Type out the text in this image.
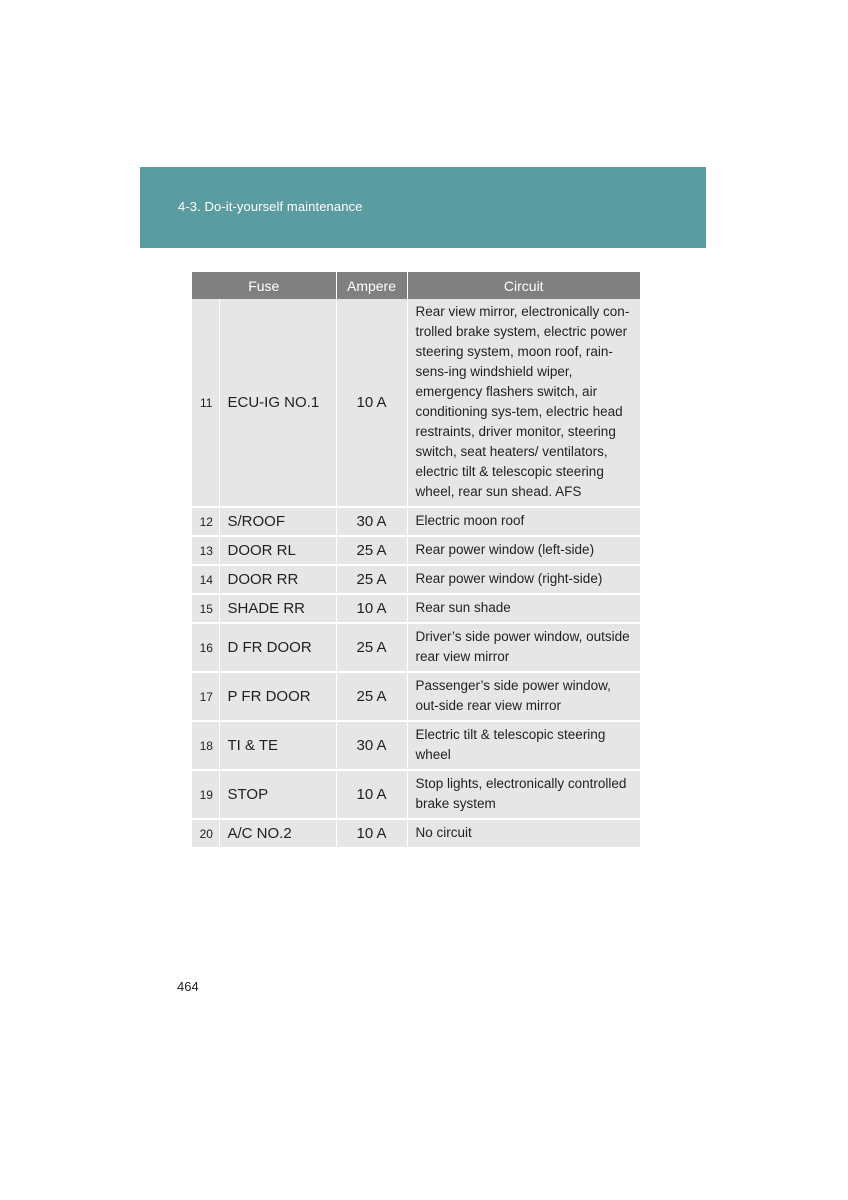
4-3. Do-it-yourself maintenance
Fuse		Ampere	Circuit
11	ECU-IG NO.1	10 A	Rear view mirror, electronically con-trolled brake system, electric power steering system, moon roof, rain-sens-ing windshield wiper, emergency flashers switch, air conditioning sys-tem, electric head restraints, driver monitor, steering switch, seat heaters/ ventilators, electric tilt & telescopic steering wheel, rear sun shead. AFS
12	S/ROOF	30 A	Electric moon roof
13	DOOR RL	25 A	Rear power window (left-side)
14	DOOR RR	25 A	Rear power window (right-side)
15	SHADE RR	10 A	Rear sun shade
16	D FR DOOR	25 A	Driver’s side power window, outside rear view mirror
17	P FR DOOR	25 A	Passenger’s side power window, out-side rear view mirror
18	TI & TE	30 A	Electric tilt & telescopic steering wheel
19	STOP	10 A	Stop lights, electronically controlled brake system
20	A/C NO.2	10 A	No circuit
464
